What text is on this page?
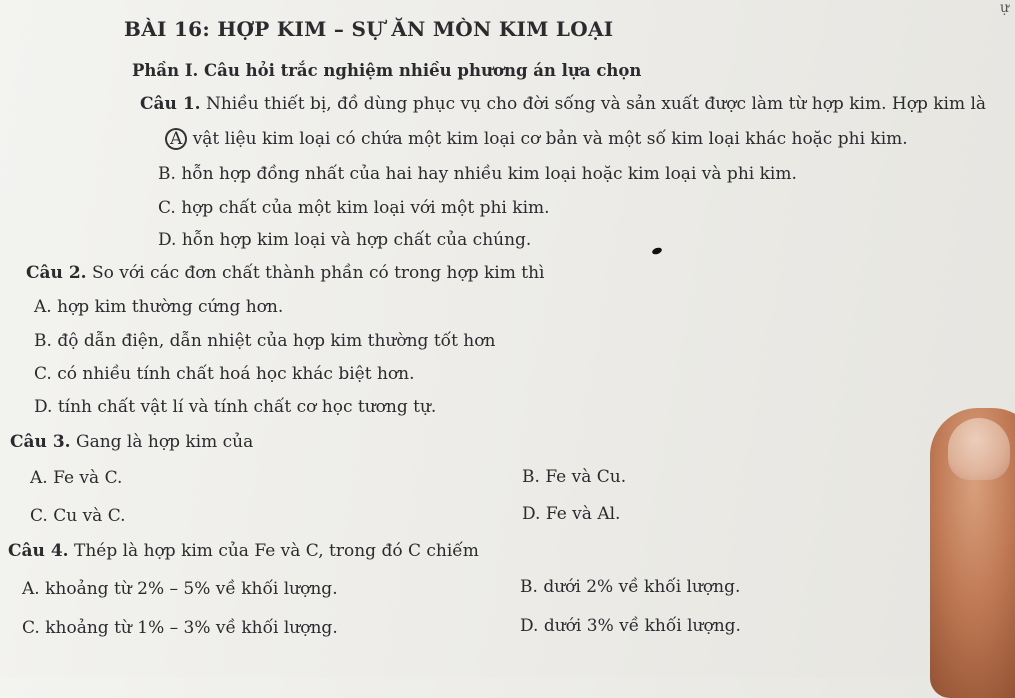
ự
BÀI 16: HỢP KIM – SỰ ĂN MÒN KIM LOẠI
Phần I. Câu hỏi trắc nghiệm nhiều phương án lựa chọn
Câu 1. Nhiều thiết bị, đồ dùng phục vụ cho đời sống và sản xuất được làm từ hợp kim. Hợp kim là
A vật liệu kim loại có chứa một kim loại cơ bản và một số kim loại khác hoặc phi kim.
B. hỗn hợp đồng nhất của hai hay nhiều kim loại hoặc kim loại và phi kim.
C. hợp chất của một kim loại với một phi kim.
D. hỗn hợp kim loại và hợp chất của chúng.
Câu 2. So với các đơn chất thành phần có trong hợp kim thì
A. hợp kim thường cứng hơn.
B. độ dẫn điện, dẫn nhiệt của hợp kim thường tốt hơn
C. có nhiều tính chất hoá học khác biệt hơn.
D. tính chất vật lí và tính chất cơ học tương tự.
Câu 3. Gang là hợp kim của
A. Fe và C.	B. Fe và Cu.
C. Cu và C.	D. Fe và Al.
Câu 4. Thép là hợp kim của Fe và C, trong đó C chiếm
A. khoảng từ 2% – 5% về khối lượng.	B. dưới 2% về khối lượng.
C. khoảng từ 1% – 3% về khối lượng.	D. dưới 3% về khối lượng.
